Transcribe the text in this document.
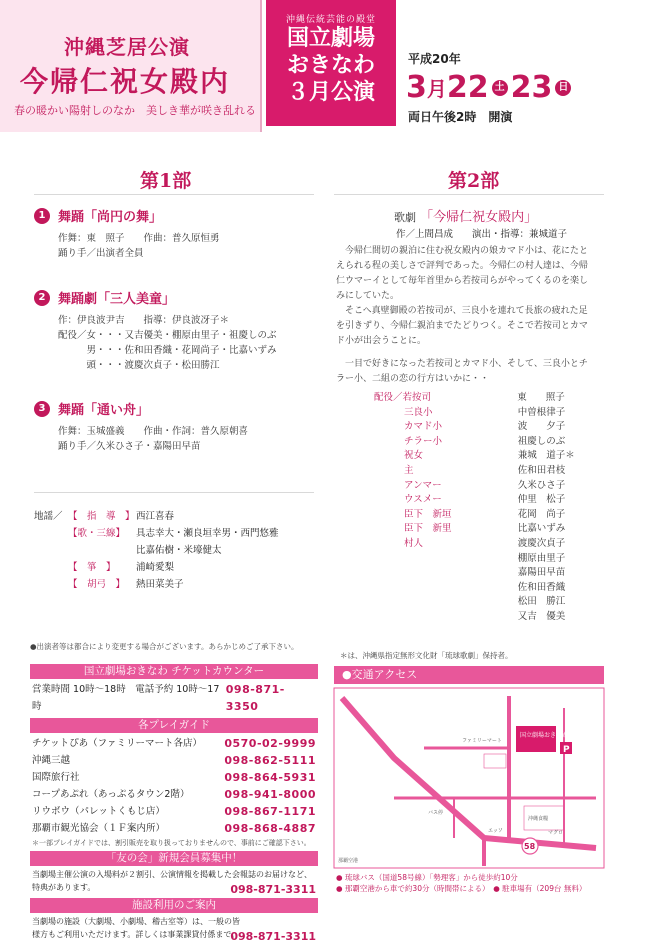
沖縄芝居公演
今帰仁祝女殿内
春の暖かい陽射しのなか　美しき華が咲き乱れる
沖縄伝統芸能の殿堂
国立劇場
おきなわ
３月公演
平成20年
3 月 22 土 23 日
両日午後2時　開演
第1部
1 舞踊「尚円の舞」
作舞：東　照子　　作曲：普久原恒勇
踊り手／出演者全員
2 舞踊劇「三人美童」
作：伊良波尹吉　　指導：伊良波冴子＊
配役／女・・・又吉優美・棚原由里子・祖慶しのぶ
　　　男・・・佐和田香織・花岡尚子・比嘉いずみ
　　　頭・・・渡慶次貞子・松田勝江
3 舞踊「通い舟」
作舞：玉城盛義　　作曲・作詞：普久原朝喜
踊り手／久米ひさ子・嘉陽田早苗
地謡／ 【　指　導　】 西江喜春
【歌・三線】	具志幸大・瀬良垣幸男・西門悠雅
比嘉佑樹・米壕健太
【　箏　】	浦崎愛梨
【　胡弓　】	熱田菜美子
第2部
歌劇 「今帰仁祝女殿内」
作／上間昌成　　演出・指導：兼城道子
　今帰仁間切の親泊に住む祝女殿内の娘カマド小は、花にたと
えられる程の美しさで評判であった。今帰仁の村人達は、今帰
仁ウマーイとして毎年首里から若按司らがやってくるのを楽し
みにしていた。
　そこへ真壁御殿の若按司が、三良小を連れて長旅の疲れた足
を引きずり、今帰仁親泊までたどりつく。そこで若按司とカマ
ド小が出会うことに。
　一目で好きになった若按司とカマド小、そして、三良小とチ
ラー小、二組の恋の行方はいかに・・
配役／若按司	東　　照子
三良小	中曽根律子
カマド小	波　　夕子
チラー小	祖慶しのぶ
祝女	兼城　道子＊
主	佐和田君枝
アンマー	久米ひさ子
ウスメー	仲里　松子
臣下　新垣	花岡　尚子
臣下　新里	比嘉いずみ
村人	渡慶次貞子
棚原由里子
嘉陽田早苗
佐和田香織
松田　勝江
又吉　優美
●出演者等は都合により変更する場合がございます。あらかじめご了承下さい。
＊は、沖縄県指定無形文化財「琉球歌劇」保持者。
国立劇場おきなわ チケットカウンター
営業時間 10時〜18時　電話予約 10時〜17時
098-871-3350
各プレイガイド
チケットぴあ（ファミリーマート各店） 0570-02-9999
沖縄三越	098-862-5111
国際旅行社	098-864-5931
コープあぷれ（あっぷるタウン2階）	098-941-8000
リウボウ（パレットくもじ店）	098-867-1171
那覇市観光協会（１Ｆ案内所）	098-868-4887
＊一部プレイガイドでは、割引販売を取り扱っておりませんので、事前にご確認下さい。
「友の会」新規会員募集中！
当劇場主催公演の入場料が２割引、公演情報を掲載した会報誌のお届けなど、特典があります。	098-871-3311
施設利用のご案内
当劇場の施設（大劇場、小劇場、稽古室等）は、一般の皆様方もご利用いただけます。詳しくは事業課貸付係まで。
098-871-3311
●交通アクセス
国立劇場おきなわ
P
ファミリーマート
沖縄食糧
バス停
エッソ	マグロ
那覇空港
58
● 琉球バス（国道58号線）「勢理客」から徒歩約10分
● 那覇空港から車で約30分（時間帯による）　● 駐車場有（209台 無料）
